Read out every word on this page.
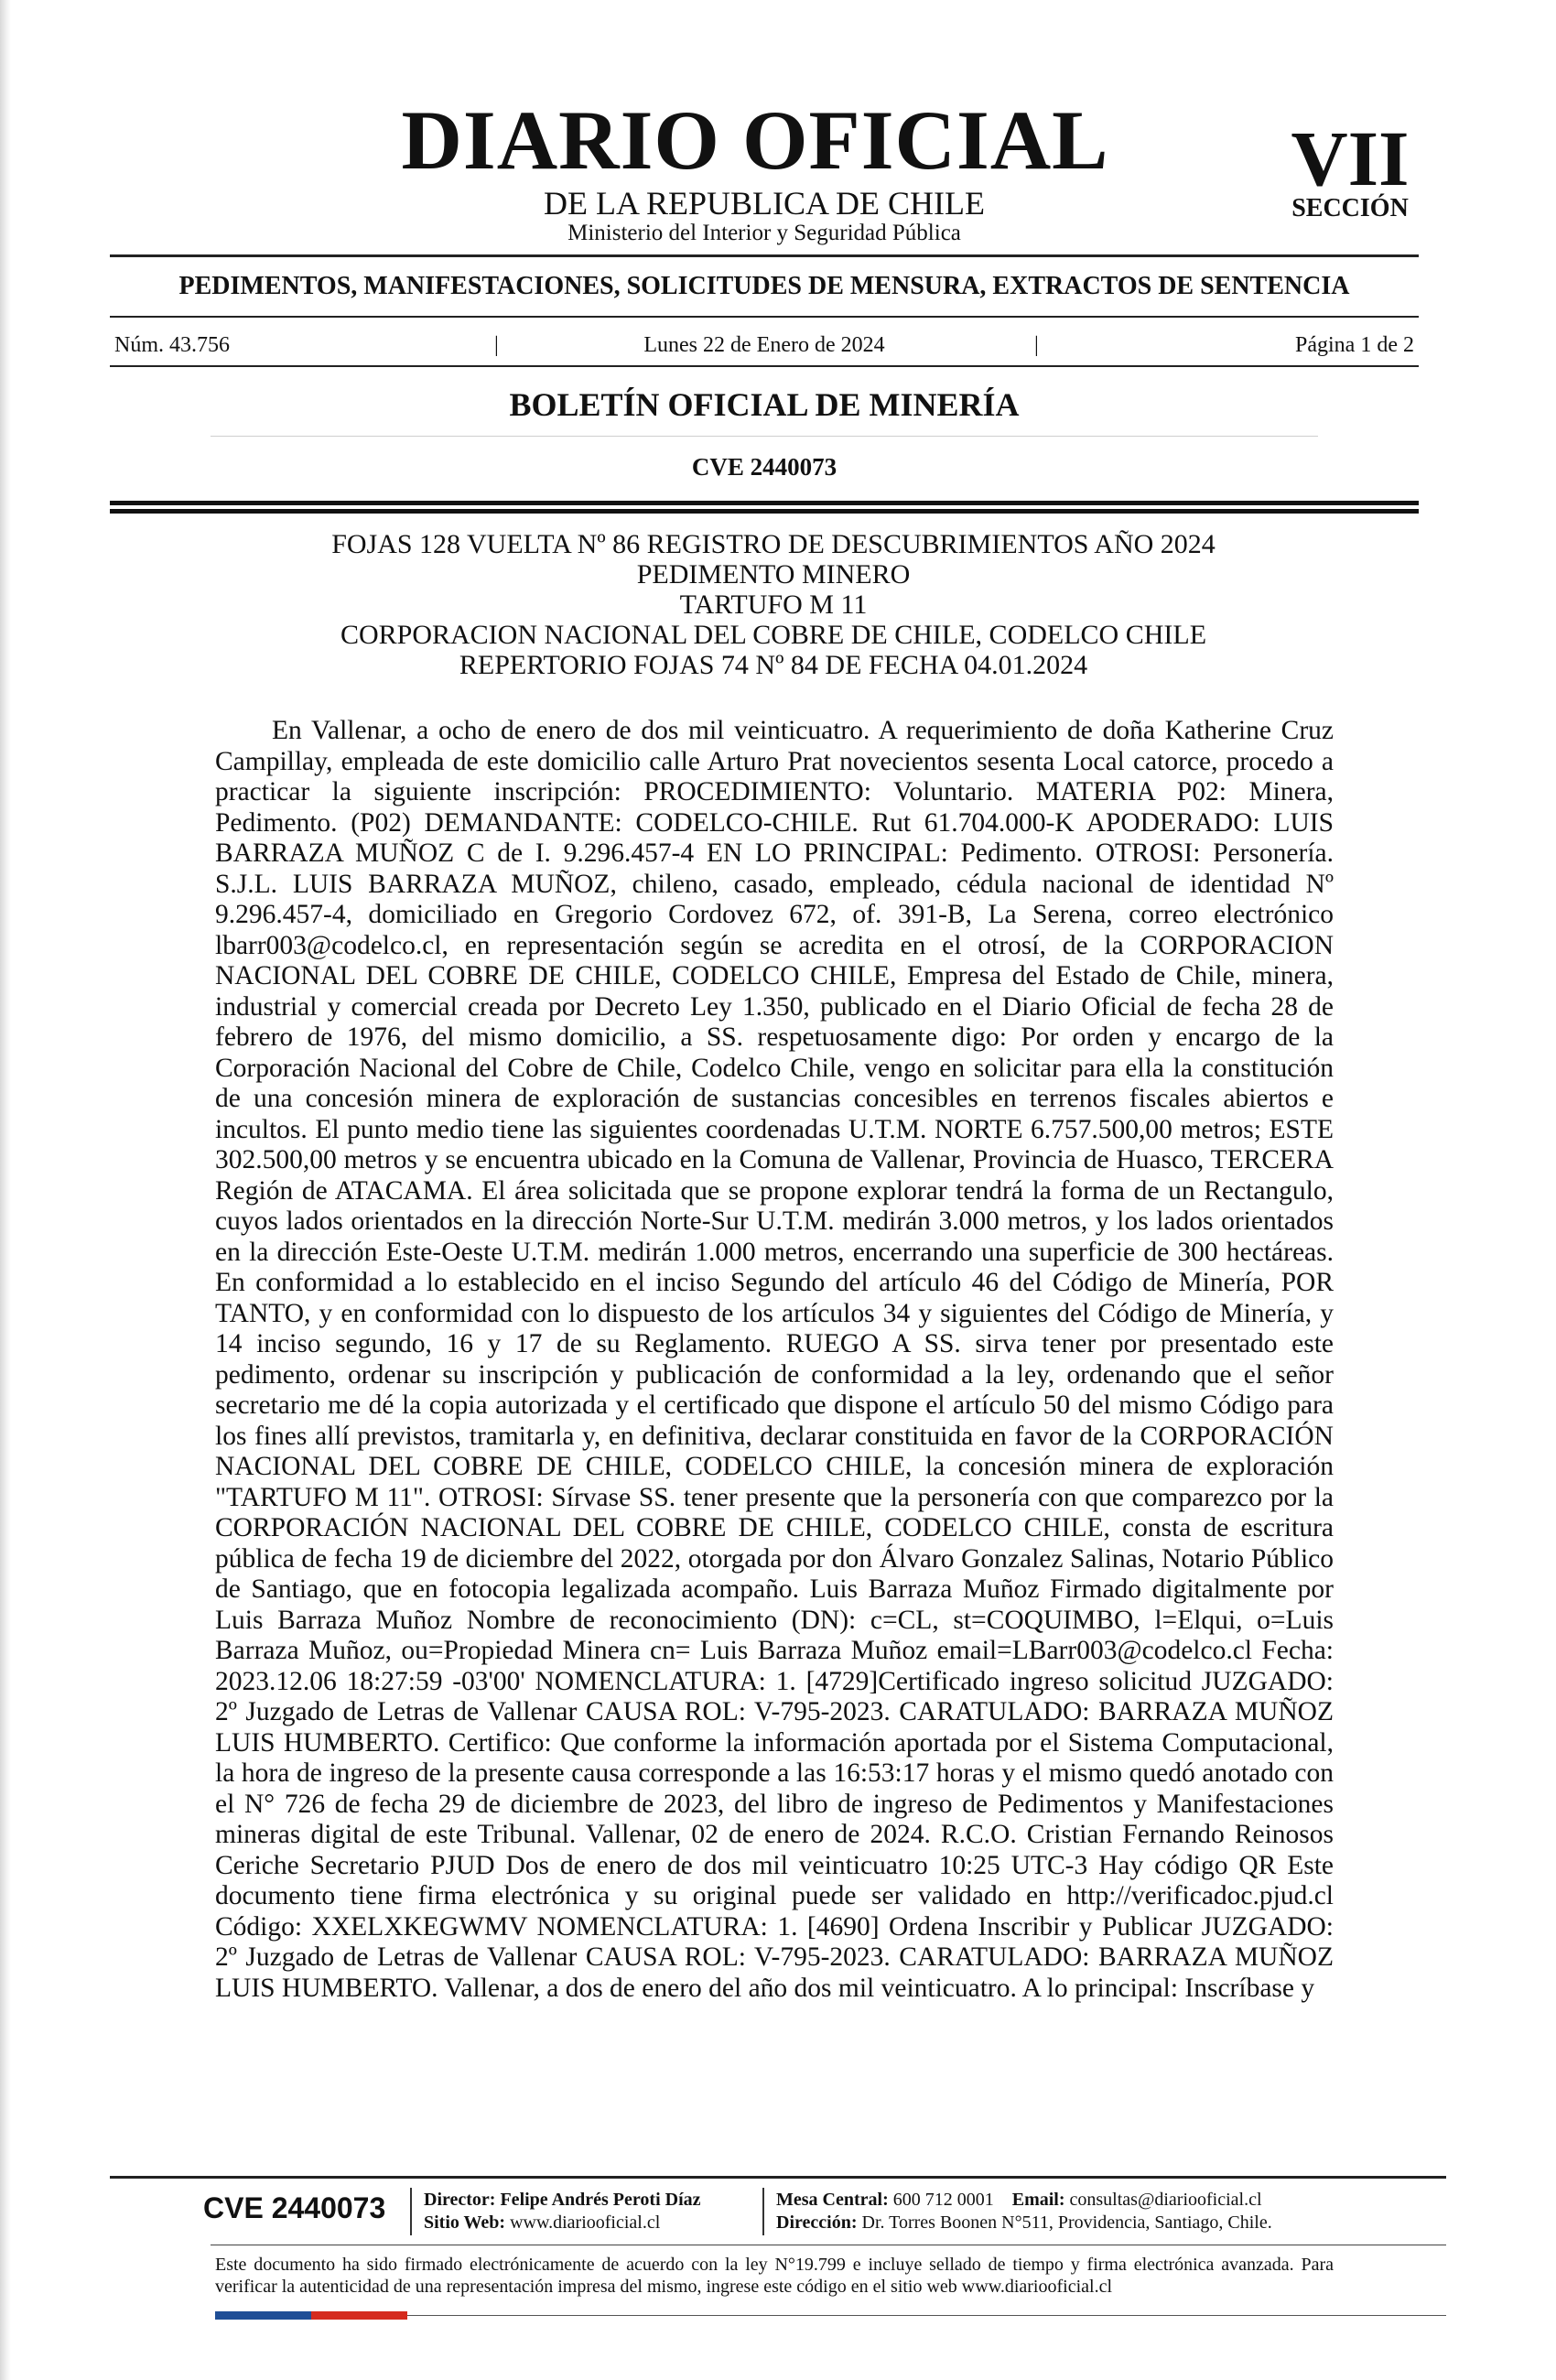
DIARIO OFICIAL
DE LA REPUBLICA DE CHILE
Ministerio del Interior y Seguridad Pública
VII
SECCIÓN
PEDIMENTOS, MANIFESTACIONES, SOLICITUDES DE MENSURA, EXTRACTOS DE SENTENCIA
Lunes 22 de Enero de 2024
Núm. 43.756	|	|	Página 1 de 2
BOLETÍN OFICIAL DE MINERÍA
CVE 2440073
FOJAS 128 VUELTA Nº 86 REGISTRO DE DESCUBRIMIENTOS AÑO 2024
PEDIMENTO MINERO
TARTUFO M 11
CORPORACION NACIONAL DEL COBRE DE CHILE, CODELCO CHILE
REPERTORIO FOJAS 74 Nº 84 DE FECHA 04.01.2024

En Vallenar, a ocho de enero de dos mil veinticuatro. A requerimiento de doña Katherine Cruz Campillay, empleada de este domicilio calle Arturo Prat novecientos sesenta Local catorce, procedo a practicar la siguiente inscripción: PROCEDIMIENTO: Voluntario. MATERIA P02: Minera, Pedimento. (P02) DEMANDANTE: CODELCO-CHILE. Rut 61.704.000-K APODERADO: LUIS BARRAZA MUÑOZ C de I. 9.296.457-4 EN LO PRINCIPAL: Pedimento. OTROSI: Personería. S.J.L. LUIS BARRAZA MUÑOZ, chileno, casado, empleado, cédula nacional de identidad Nº 9.296.457-4, domiciliado en Gregorio Cordovez 672, of. 391-B, La Serena, correo electrónico lbarr003@codelco.cl, en representación según se acredita en el otrosí, de la CORPORACION NACIONAL DEL COBRE DE CHILE, CODELCO CHILE, Empresa del Estado de Chile, minera, industrial y comercial creada por Decreto Ley 1.350, publicado en el Diario Oficial de fecha 28 de febrero de 1976, del mismo domicilio, a SS. respetuosamente digo: Por orden y encargo de la Corporación Nacional del Cobre de Chile, Codelco Chile, vengo en solicitar para ella la constitución de una concesión minera de exploración de sustancias concesibles en terrenos fiscales abiertos e incultos. El punto medio tiene las siguientes coordenadas U.T.M. NORTE 6.757.500,00 metros; ESTE 302.500,00 metros y se encuentra ubicado en la Comuna de Vallenar, Provincia de Huasco, TERCERA Región de ATACAMA. El área solicitada que se propone explorar tendrá la forma de un Rectangulo, cuyos lados orientados en la dirección Norte-Sur U.T.M. medirán 3.000 metros, y los lados orientados en la dirección Este-Oeste U.T.M. medirán 1.000 metros, encerrando una superficie de 300 hectáreas. En conformidad a lo establecido en el inciso Segundo del artículo 46 del Código de Minería, POR TANTO, y en conformidad con lo dispuesto de los artículos 34 y siguientes del Código de Minería, y 14 inciso segundo, 16 y 17 de su Reglamento. RUEGO A SS. sirva tener por presentado este pedimento, ordenar su inscripción y publicación de conformidad a la ley, ordenando que el señor secretario me dé la copia autorizada y el certificado que dispone el artículo 50 del mismo Código para los fines allí previstos, tramitarla y, en definitiva, declarar constituida en favor de la CORPORACIÓN NACIONAL DEL COBRE DE CHILE, CODELCO CHILE, la concesión minera de exploración "TARTUFO M 11". OTROSI: Sírvase SS. tener presente que la personería con que comparezco por la CORPORACIÓN NACIONAL DEL COBRE DE CHILE, CODELCO CHILE, consta de escritura pública de fecha 19 de diciembre del 2022, otorgada por don Álvaro Gonzalez Salinas, Notario Público de Santiago, que en fotocopia legalizada acompaño. Luis Barraza Muñoz Firmado digitalmente por Luis Barraza Muñoz Nombre de reconocimiento (DN): c=CL, st=COQUIMBO, l=Elqui, o=Luis Barraza Muñoz, ou=Propiedad Minera cn= Luis Barraza Muñoz email=LBarr003@codelco.cl Fecha: 2023.12.06 18:27:59 -03'00' NOMENCLATURA: 1. [4729]Certificado ingreso solicitud JUZGADO: 2º Juzgado de Letras de Vallenar CAUSA ROL: V-795-2023. CARATULADO: BARRAZA MUÑOZ LUIS HUMBERTO. Certifico: Que conforme la información aportada por el Sistema Computacional, la hora de ingreso de la presente causa corresponde a las 16:53:17 horas y el mismo quedó anotado con el N° 726 de fecha 29 de diciembre de 2023, del libro de ingreso de Pedimentos y Manifestaciones mineras digital de este Tribunal. Vallenar, 02 de enero de 2024. R.C.O. Cristian Fernando Reinosos Ceriche Secretario PJUD Dos de enero de dos mil veinticuatro 10:25 UTC-3 Hay código QR Este documento tiene firma electrónica y su original puede ser validado en http://verificadoc.pjud.cl Código: XXELXKEGWMV NOMENCLATURA: 1. [4690] Ordena Inscribir y Publicar JUZGADO: 2º Juzgado de Letras de Vallenar CAUSA ROL: V-795-2023. CARATULADO: BARRAZA MUÑOZ LUIS HUMBERTO. Vallenar, a dos de enero del año dos mil veinticuatro. A lo principal: Inscríbase y

CVE 2440073	Director: Felipe Andrés Peroti Díaz
Sitio Web: www.diariooficial.cl
Mesa Central: 600 712 0001 Email: consultas@diariooficial.cl
Dirección: Dr. Torres Boonen N°511, Providencia, Santiago, Chile.
Este documento ha sido firmado electrónicamente de acuerdo con la ley N°19.799 e incluye sellado de tiempo y firma electrónica avanzada. Para verificar la autenticidad de una representación impresa del mismo, ingrese este código en el sitio web www.diariooficial.cl
